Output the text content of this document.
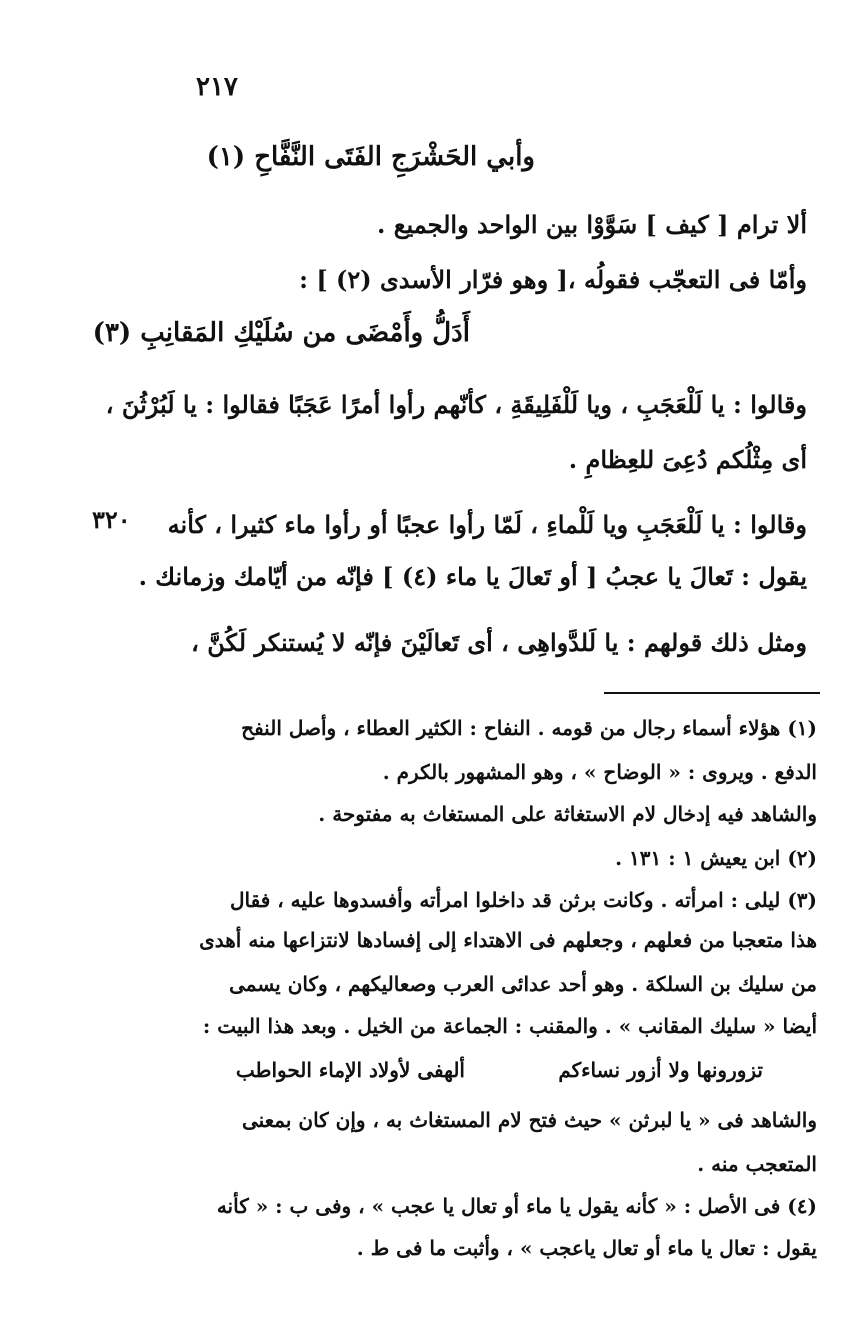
٢١٧
وأبي الحَشْرَجِ الفَتَى النَّفَّاحِ (١)
ألا ترام [ كيف ] سَوَّوْا بين الواحد والجميع .
وأمّا فى التعجّب فقولُه ،[ وهو فرّار الأسدى (٢) ] :
أَدَلُّ وأَمْضَى من سُلَيْكِ المَقانِبِ (٣)
وقالوا : يا لَلْعَجَبِ ، ويا لَلْفَلِيقَةِ ، كأنّهم رأوا أمرًا عَجَبًا فقالوا : يا لَبُرْثُنَ ،
أى مِثْلُكم دُعِىَ للعِظامِ .
٣٢٠ وقالوا : يا لَلْعَجَبِ ويا لَلْماءِ ، لَمّا رأوا عجبًا أو رأوا ماء كثيرا ، كأنه
يقول : تَعالَ يا عجبُ [ أو تَعالَ يا ماء (٤) ] فإنّه من أيّامك وزمانك .
ومثل ذلك قولهم : يا لَلدَّواهِى ، أى تَعالَيْنَ فإنّه لا يُستنكر لَكُنَّ ،
(١) هؤلاء أسماء رجال من قومه . النفاح : الكثير العطاء ، وأصل النفح
الدفع . ويروى : « الوضاح » ، وهو المشهور بالكرم .
والشاهد فيه إدخال لام الاستغاثة على المستغاث به مفتوحة .
(٢) ابن يعيش ١ : ١٣١ .
(٣) ليلى : امرأته . وكانت برثن قد داخلوا امرأته وأفسدوها عليه ، فقال
هذا متعجبا من فعلهم ، وجعلهم فى الاهتداء إلى إفسادها لانتزاعها منه أهدى
من سليك بن السلكة . وهو أحد عدائى العرب وصعاليكهم ، وكان يسمى
أيضا « سليك المقانب » . والمقنب : الجماعة من الخيل . وبعد هذا البيت :
تزورونها ولا أزور نساءكم
ألهفى لأولاد الإماء الحواطب
والشاهد فى « يا لبرثن » حيث فتح لام المستغاث به ، وإن كان بمعنى
المتعجب منه .
(٤) فى الأصل : « كأنه يقول يا ماء أو تعال يا عجب » ، وفى ب : « كأنه
يقول : تعال يا ماء أو تعال ياعجب » ، وأثبت ما فى ط .
